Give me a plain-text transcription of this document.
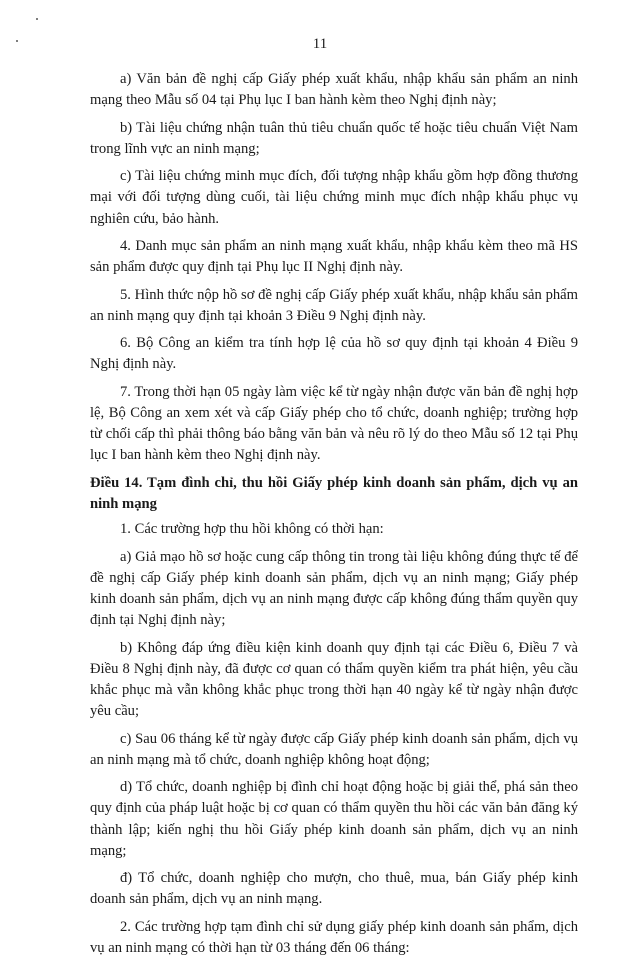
11

a) Văn bản đề nghị cấp Giấy phép xuất khẩu, nhập khẩu sản phẩm an ninh mạng theo Mẫu số 04 tại Phụ lục I ban hành kèm theo Nghị định này;

b) Tài liệu chứng nhận tuân thủ tiêu chuẩn quốc tế hoặc tiêu chuẩn Việt Nam trong lĩnh vực an ninh mạng;

c) Tài liệu chứng minh mục đích, đối tượng nhập khẩu gồm hợp đồng thương mại với đối tượng dùng cuối, tài liệu chứng minh mục đích nhập khẩu phục vụ nghiên cứu, bảo hành.

4. Danh mục sản phẩm an ninh mạng xuất khẩu, nhập khẩu kèm theo mã HS sản phẩm được quy định tại Phụ lục II Nghị định này.

5. Hình thức nộp hồ sơ đề nghị cấp Giấy phép xuất khẩu, nhập khẩu sản phẩm an ninh mạng quy định tại khoản 3 Điều 9 Nghị định này.

6. Bộ Công an kiểm tra tính hợp lệ của hồ sơ quy định tại khoản 4 Điều 9 Nghị định này.

7. Trong thời hạn 05 ngày làm việc kể từ ngày nhận được văn bản đề nghị hợp lệ, Bộ Công an xem xét và cấp Giấy phép cho tổ chức, doanh nghiệp; trường hợp từ chối cấp thì phải thông báo bằng văn bản và nêu rõ lý do theo Mẫu số 12 tại Phụ lục I ban hành kèm theo Nghị định này.

Điều 14. Tạm đình chỉ, thu hồi Giấy phép kinh doanh sản phẩm, dịch vụ an ninh mạng

1. Các trường hợp thu hồi không có thời hạn:

a) Giả mạo hồ sơ hoặc cung cấp thông tin trong tài liệu không đúng thực tế để đề nghị cấp Giấy phép kinh doanh sản phẩm, dịch vụ an ninh mạng; Giấy phép kinh doanh sản phẩm, dịch vụ an ninh mạng được cấp không đúng thẩm quyền quy định tại Nghị định này;

b) Không đáp ứng điều kiện kinh doanh quy định tại các Điều 6, Điều 7 và Điều 8 Nghị định này, đã được cơ quan có thẩm quyền kiểm tra phát hiện, yêu cầu khắc phục mà vẫn không khắc phục trong thời hạn 40 ngày kể từ ngày nhận được yêu cầu;

c) Sau 06 tháng kể từ ngày được cấp Giấy phép kinh doanh sản phẩm, dịch vụ an ninh mạng mà tổ chức, doanh nghiệp không hoạt động;

d) Tổ chức, doanh nghiệp bị đình chỉ hoạt động hoặc bị giải thể, phá sản theo quy định của pháp luật hoặc bị cơ quan có thẩm quyền thu hồi các văn bản đăng ký thành lập; kiến nghị thu hồi Giấy phép kinh doanh sản phẩm, dịch vụ an ninh mạng;

đ) Tổ chức, doanh nghiệp cho mượn, cho thuê, mua, bán Giấy phép kinh doanh sản phẩm, dịch vụ an ninh mạng.

2. Các trường hợp tạm đình chỉ sử dụng giấy phép kinh doanh sản phẩm, dịch vụ an ninh mạng có thời hạn từ 03 tháng đến 06 tháng:
